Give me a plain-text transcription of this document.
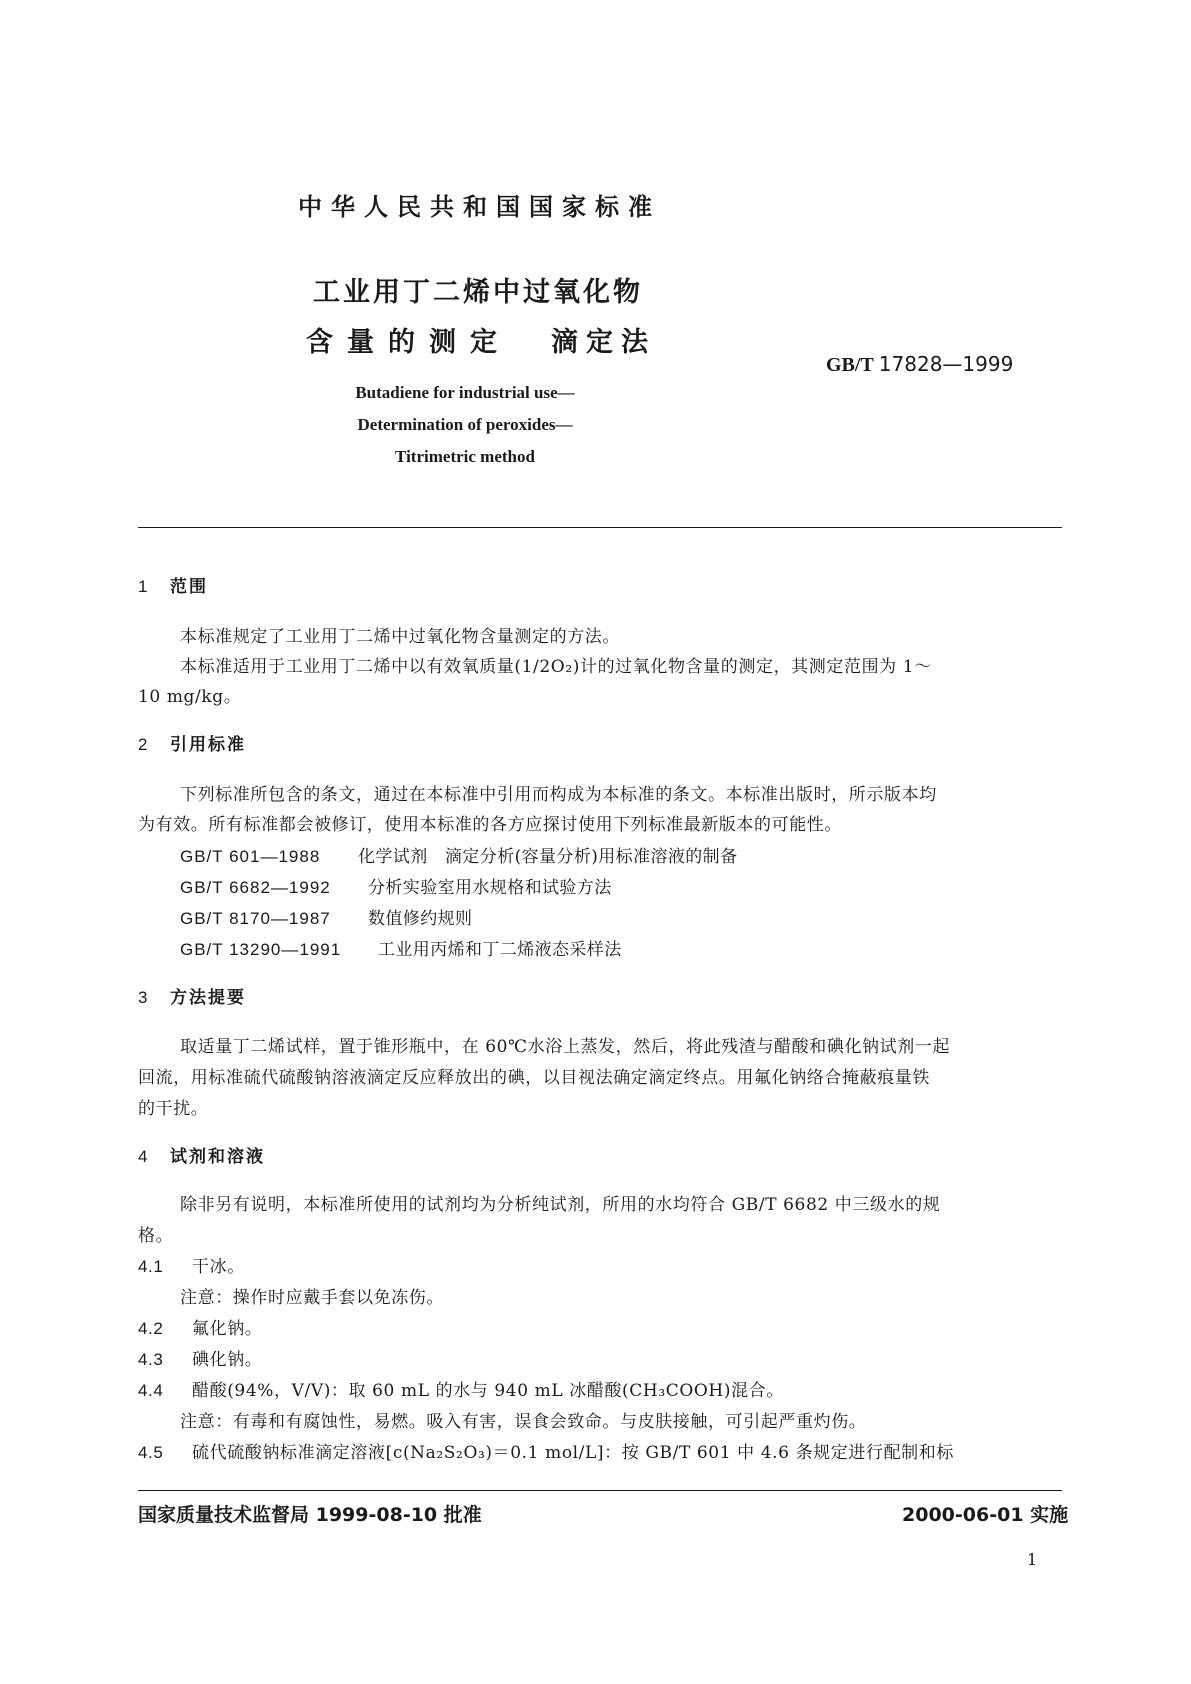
中华人民共和国国家标准
工业用丁二烯中过氧化物
含量的测定 滴定法
GB/T 17828—1999
Butadiene for industrial use—
Determination of peroxides—
Titrimetric method
1 范围
本标准规定了工业用丁二烯中过氧化物含量测定的方法。
本标准适用于工业用丁二烯中以有效氧质量(1/2O₂)计的过氧化物含量的测定，其测定范围为 1～
10 mg/kg。
2 引用标准
下列标准所包含的条文，通过在本标准中引用而构成为本标准的条文。本标准出版时，所示版本均
为有效。所有标准都会被修订，使用本标准的各方应探讨使用下列标准最新版本的可能性。
GB/T 601—1988 化学试剂　滴定分析(容量分析)用标准溶液的制备
GB/T 6682—1992 分析实验室用水规格和试验方法
GB/T 8170—1987 数值修约规则
GB/T 13290—1991 工业用丙烯和丁二烯液态采样法
3 方法提要
取适量丁二烯试样，置于锥形瓶中，在 60℃水浴上蒸发，然后，将此残渣与醋酸和碘化钠试剂一起
回流，用标准硫代硫酸钠溶液滴定反应释放出的碘，以目视法确定滴定终点。用氟化钠络合掩蔽痕量铁
的干扰。
4 试剂和溶液
除非另有说明，本标准所使用的试剂均为分析纯试剂，所用的水均符合 GB/T 6682 中三级水的规
格。
4.1 干冰。
注意：操作时应戴手套以免冻伤。
4.2 氟化钠。
4.3 碘化钠。
4.4 醋酸(94%，V/V)：取 60 mL 的水与 940 mL 冰醋酸(CH₃COOH)混合。
注意：有毒和有腐蚀性，易燃。吸入有害，误食会致命。与皮肤接触，可引起严重灼伤。
4.5 硫代硫酸钠标准滴定溶液[c(Na₂S₂O₃)＝0.1 mol/L]：按 GB/T 601 中 4.6 条规定进行配制和标
国家质量技术监督局 1999-08-10 批准	2000-06-01 实施
1
